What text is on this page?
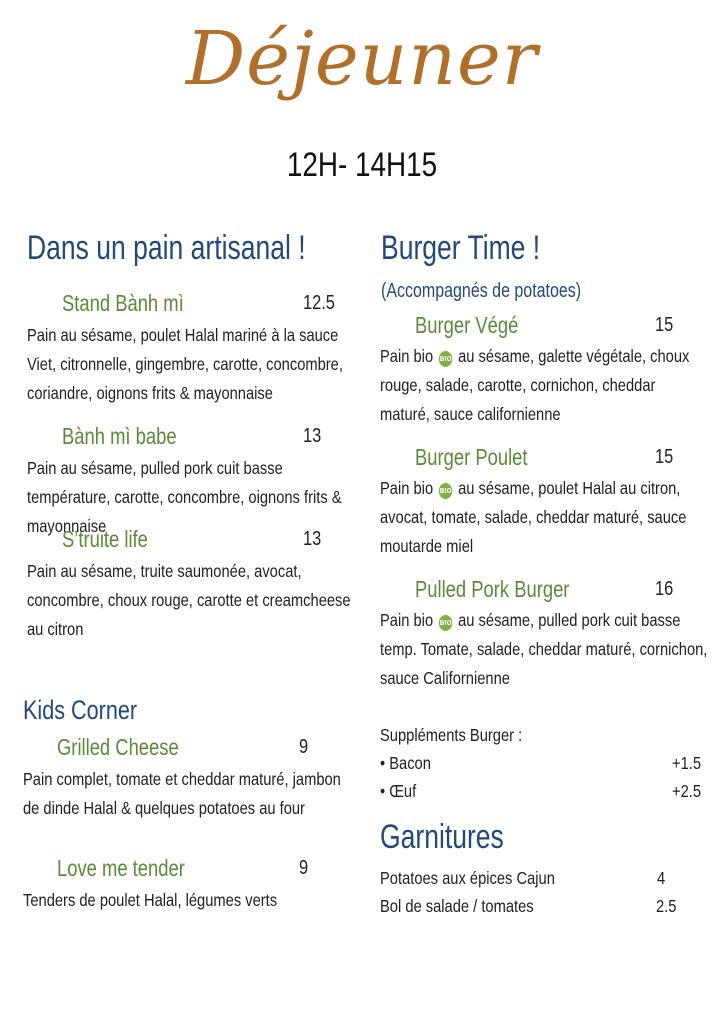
Déjeuner
12H- 14H15
Dans un pain artisanal !
Stand Bành mì	12.5
Pain au sésame, poulet Halal mariné à la sauce Viet, citronnelle, gingembre, carotte, concombre, coriandre, oignons frits & mayonnaise
Bành mì babe	13
Pain au sésame, pulled pork cuit basse température, carotte, concombre, oignons frits & mayonnaise
S’truite life	13
Pain au sésame, truite saumonée, avocat, concombre, choux rouge, carotte et creamcheese au citron
Kids Corner
Grilled Cheese	9
Pain complet, tomate et cheddar maturé, jambon de dinde Halal & quelques potatoes au four
Love me tender	9
Tenders de poulet Halal, légumes verts
Burger Time !
(Accompagnés de potatoes)
Burger Végé	15
Pain bio BIO au sésame, galette végétale, choux rouge, salade, carotte, cornichon, cheddar maturé, sauce californienne
Burger Poulet	15
Pain bio BIO au sésame, poulet Halal au citron, avocat, tomate, salade, cheddar maturé, sauce moutarde miel
Pulled Pork Burger	16
Pain bio BIO au sésame, pulled pork cuit basse temp. Tomate, salade, cheddar maturé, cornichon, sauce Californienne
Suppléments Burger :
• Bacon	+1.5
• Œuf	+2.5
Garnitures
Potatoes aux épices Cajun	4
Bol de salade / tomates	2.5
